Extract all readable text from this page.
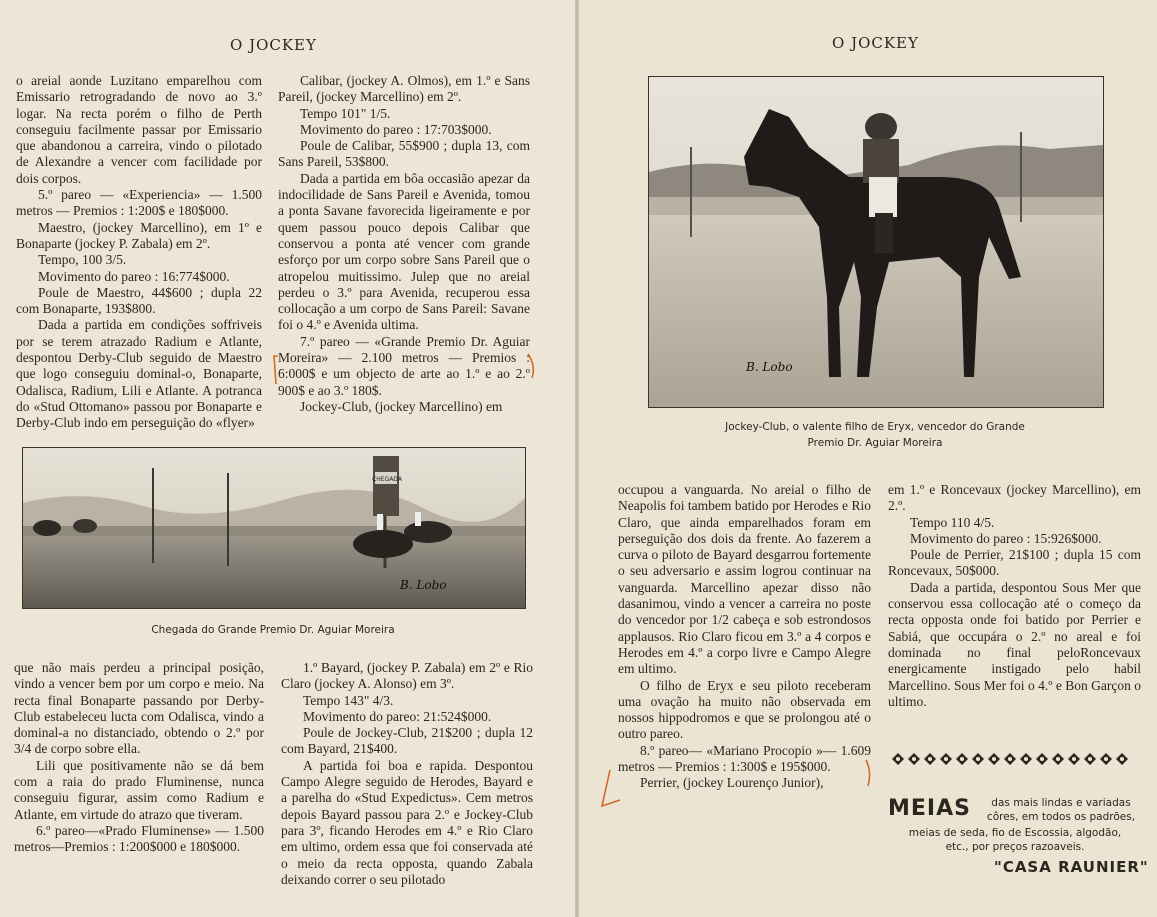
O JOCKEY	O JOCKEY

o areial aonde Luzitano emparelhou com Emissario retrogradando de novo ao 3.º logar. Na recta porém o filho de Perth conseguiu facilmente passar por Emissario que abandonou a carreira, vindo o pilotado de Alexandre a vencer com facilidade por dois corpos.

5.º pareo — «Experiencia» — 1.500 metros — Premios : 1:200$ e 180$000.

Maestro, (jockey Marcellino), em 1º e Bonaparte (jockey P. Zabala) em 2º.

Tempo, 100 3/5.

Movimento do pareo : 16:774$000.

Poule de Maestro, 44$600 ; dupla 22 com Bonaparte, 193$800.

Dada a partida em condições soffriveis por se terem atrazado Radium e Atlante, despontou Derby-Club seguido de Maestro que logo conseguiu dominal-o, Bonaparte, Odalisca, Radium, Lili e Atlante. A potranca do «Stud Ottomano» passou por Bonaparte e Derby-Club indo em perseguição do «flyer»

Calibar, (jockey A. Olmos), em 1.º e Sans Pareil, (jockey Marcellino) em 2º.

Tempo 101" 1/5.

Movimento do pareo : 17:703$000.

Poule de Calibar, 55$900 ; dupla 13, com Sans Pareil, 53$800.

Dada a partida em bôa occasião apezar da indocilidade de Sans Pareil e Avenida, tomou a ponta Savane favorecida ligeiramente e por quem passou pouco depois Calibar que conservou a ponta até vencer com grande esforço por um corpo sobre Sans Pareil que o atropelou muitissimo. Julep que no areial perdeu o 3.º para Avenida, recuperou essa collocação a um corpo de Sans Pareil: Savane foi o 4.º e Avenida ultima.

7.º pareo — «Grande Premio Dr. Aguiar Moreira» — 2.100 metros — Premios : 6:000$ e um objecto de arte ao 1.º e ao 2.º 900$ e ao 3.º 180$.

Jockey-Club, (jockey Marcellino) em

CHEGADA
B. Lobo
Chegada do Grande Premio Dr. Aguiar Moreira

que não mais perdeu a principal posição, vindo a vencer bem por um corpo e meio. Na recta final Bonaparte passando por Derby-Club estabeleceu lucta com Odalisca, vindo a dominal-a no distanciado, obtendo o 2.º por 3/4 de corpo sobre ella.

Lili que positivamente não se dá bem com a raia do prado Fluminense, nunca conseguiu figurar, assim como Radium e Atlante, em virtude do atrazo que tiveram.

6.º pareo—«Prado Fluminense» — 1.500 metros—Premios : 1:200$000 e 180$000.

1.º Bayard, (jockey P. Zabala) em 2º e Rio Claro (jockey A. Alonso) em 3º.

Tempo 143" 4/3.

Movimento do pareo: 21:524$000.

Poule de Jockey-Club, 21$200 ; dupla 12 com Bayard, 21$400.

A partida foi boa e rapida. Despontou Campo Alegre seguido de Herodes, Bayard e a parelha do «Stud Expedictus». Cem metros depois Bayard passou para 2.º e Jockey-Club para 3º, ficando Herodes em 4.º e Rio Claro em ultimo, ordem essa que foi conservada até o meio da recta opposta, quando Zabala deixando correr o seu pilotado

B. Lobo
Jockey-Club, o valente filho de Eryx, vencedor do Grande
Premio Dr. Aguiar Moreira

occupou a vanguarda. No areial o filho de Neapolis foi tambem batido por Herodes e Rio Claro, que ainda emparelhados foram em perseguição dos dois da frente. Ao fazerem a curva o piloto de Bayard desgarrou fortemente o seu adversario e assim logrou continuar na vanguarda. Marcellino apezar disso não dasanimou, vindo a vencer a carreira no poste do vencedor por 1/2 cabeça e sob estrondosos applausos. Rio Claro ficou em 3.º a 4 corpos e Herodes em 4.º a corpo livre e Campo Alegre em ultimo.

O filho de Eryx e seu piloto receberam uma ovação ha muito não observada em nossos hippodromos e que se prolongou até o outro pareo.

8.º pareo— «Mariano Procopio »— 1.609 metros — Premios : 1:300$ e 195$000.

Perrier, (jockey Lourenço Junior),

em 1.º e Roncevaux (jockey Marcellino), em 2.º.

Tempo 110 4/5.

Movimento do pareo : 15:926$000.

Poule de Perrier, 21$100 ; dupla 15 com Roncevaux, 50$000.

Dada a partida, despontou Sous Mer que conservou essa collocação até o começo da recta opposta onde foi batido por Perrier e Sabiá, que occupára o 2.º no areal e foi dominada no final peloRoncevaux energicamente instigado pelo habil Marcellino. Sous Mer foi o 4.º e Bon Garçon o ultimo.

MEIAS	das mais lindas e variadas
côres, em todos os padrões,
meias de seda, fio de Escossia, algodão,
etc., por preços razoaveis.
"CASA RAUNIER"
